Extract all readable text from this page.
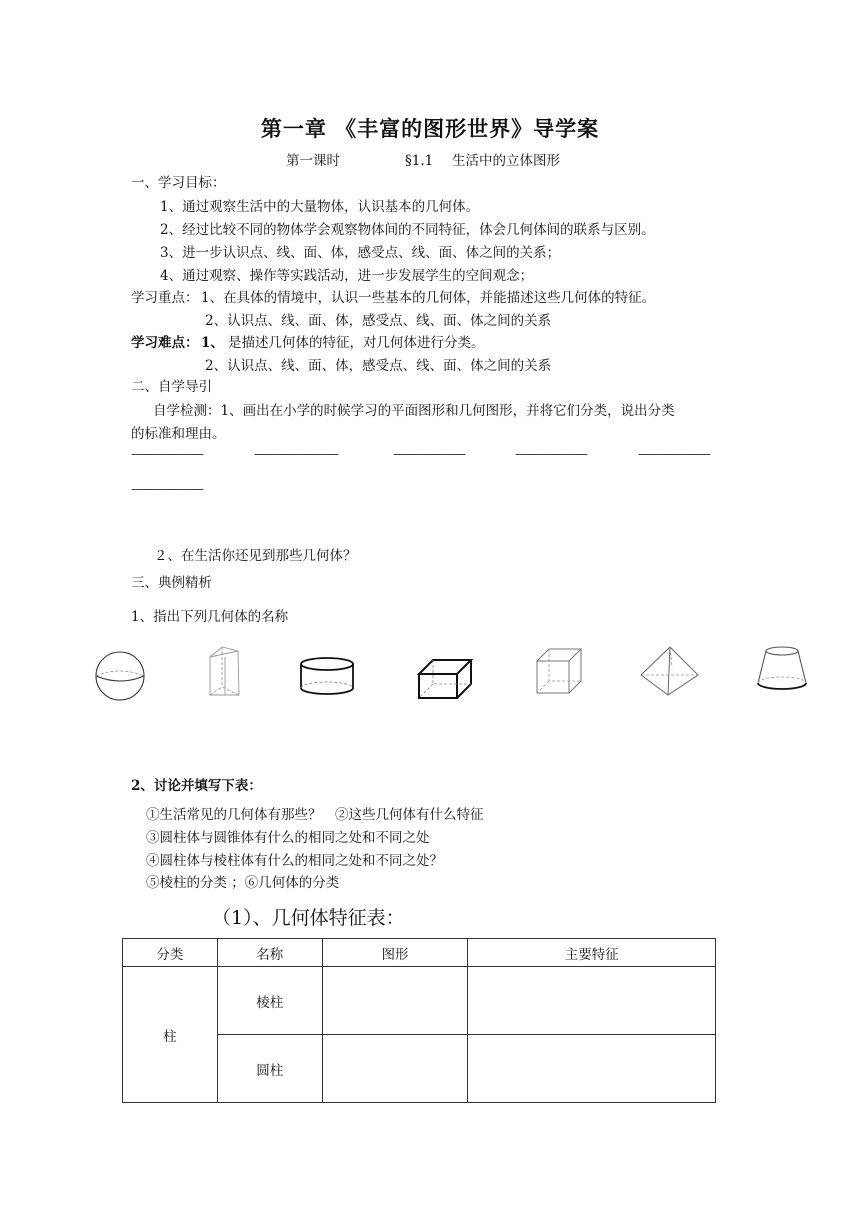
第一章 《丰富的图形世界》导学案
第一课时	§1.1 生活中的立体图形
一、学习目标：
1、通过观察生活中的大量物体，认识基本的几何体。
2、经过比较不同的物体学会观察物体间的不同特征，体会几何体间的联系与区别。
3、进一步认识点、线、面、体，感受点、线、面、体之间的关系；
4、通过观察、操作等实践活动，进一步发展学生的空间观念；
学习重点： 1、在具体的情境中，认识一些基本的几何体，并能描述这些几何体的特征。
2、认识点、线、面、体，感受点、线、面、体之间的关系
学习难点： 1、 是描述几何体的特征，对几何体进行分类。
2、认识点、线、面、体，感受点、线、面、体之间的关系
二、自学导引
自学检测：1、画出在小学的时候学习的平面图形和几何图形，并将它们分类，说出分类
的标准和理由。
——————	———————	——————	——————	——————
——————
２、在生活你还见到那些几何体？
三、典例精析
1、指出下列几何体的名称
2、讨论并填写下表：
①生活常见的几何体有那些？　②这些几何体有什么特征
③圆柱体与圆锥体有什么的相同之处和不同之处
④圆柱体与棱柱体有什么的相同之处和不同之处？
⑤棱柱的分类 ；⑥几何体的分类
（1）、几何体特征表：
分类	名称	图形	主要特征
柱	棱柱		
	圆柱		
